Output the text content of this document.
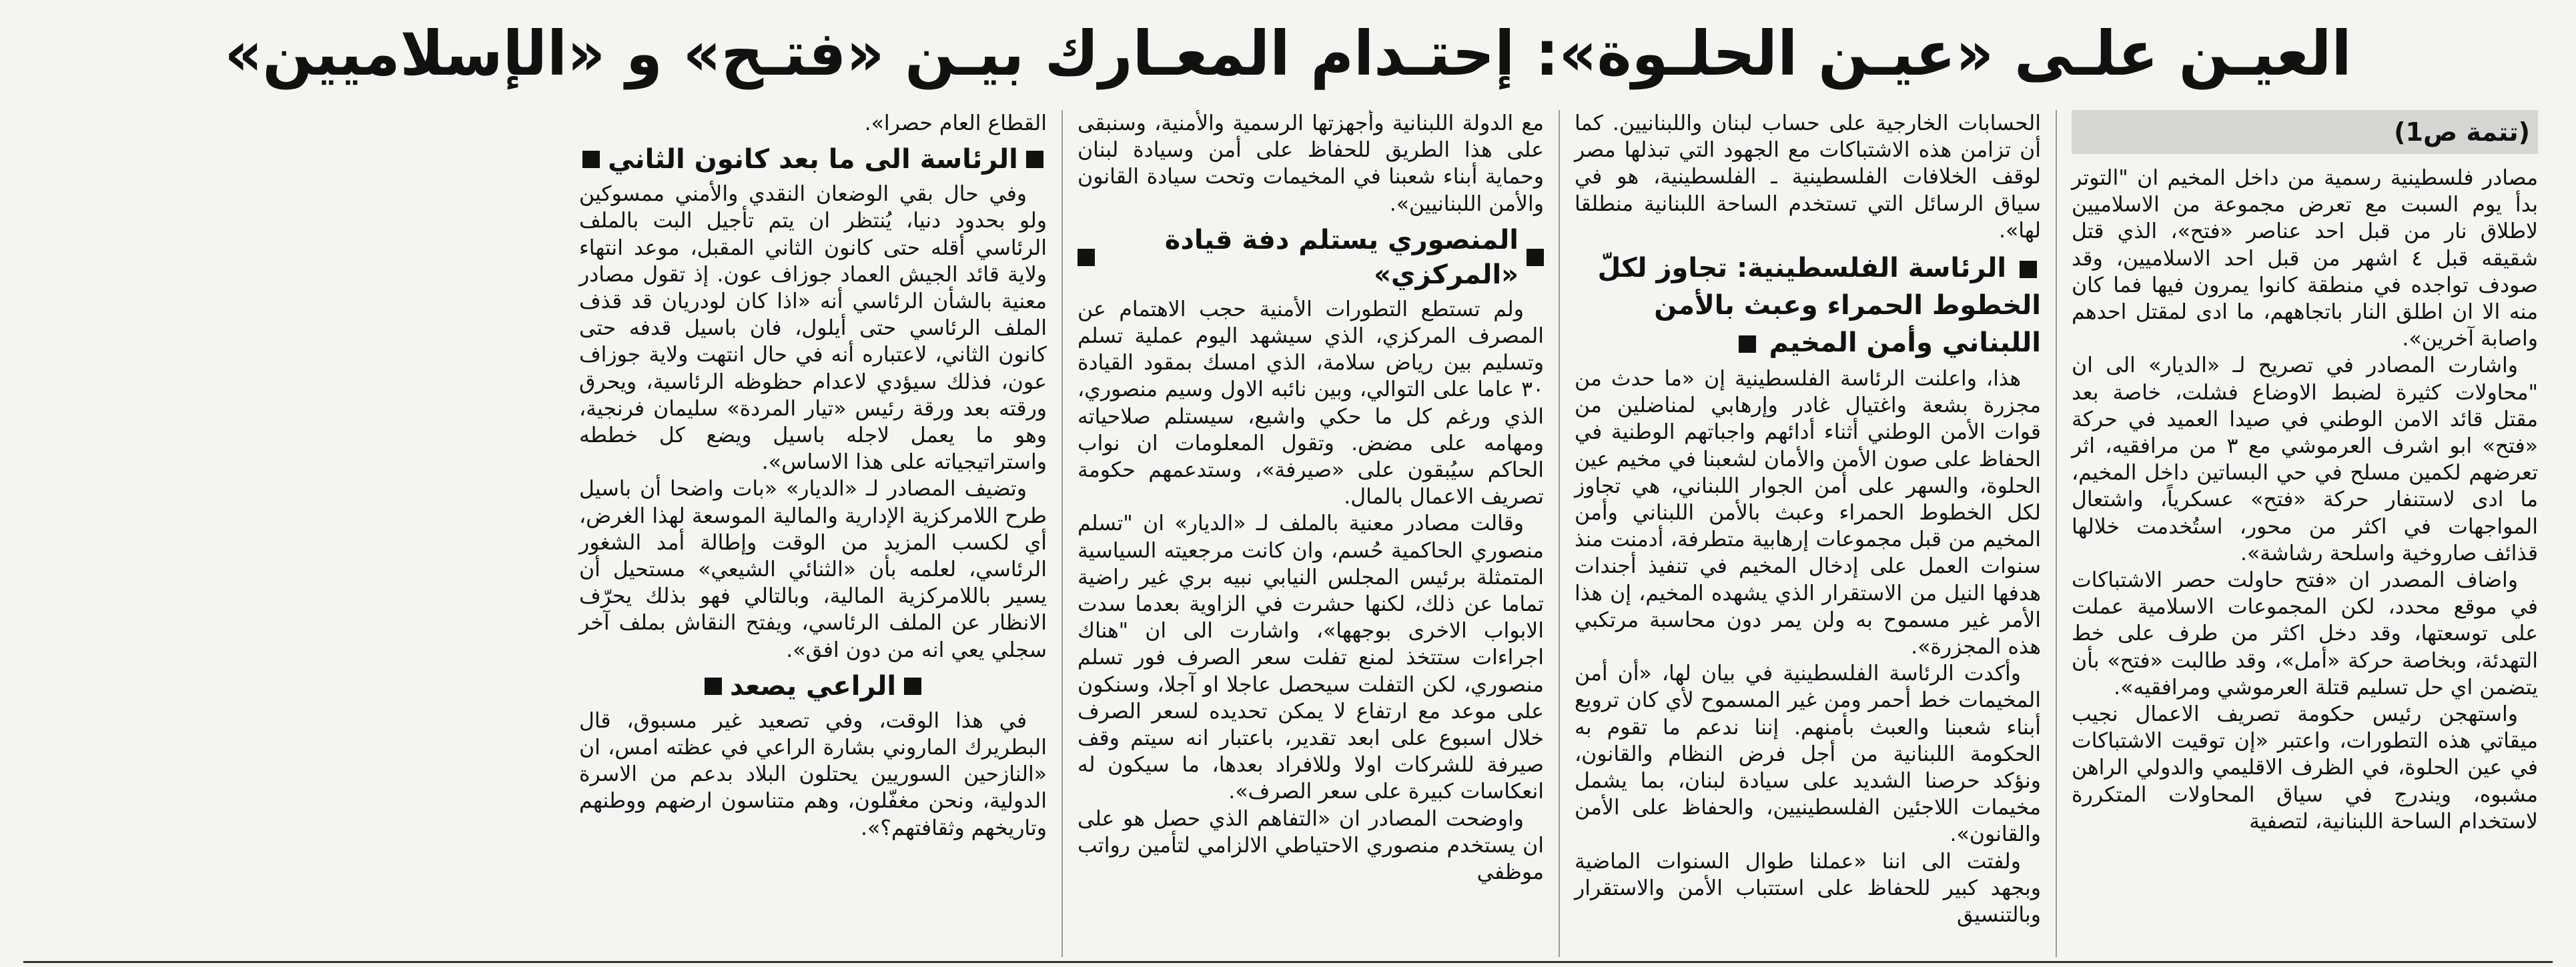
العيـن علـى «عيـن الحلـوة»: إحتـدام المعـارك بيـن «فتـح» و «الإسلاميين»
(تتمة ص1)

مصادر فلسطينية رسمية من داخل المخيم ان "التوتر بدأ يوم السبت مع تعرض مجموعة من الاسلاميين لاطلاق نار من قبل احد عناصر «فتح»، الذي قتل شقيقه قبل ٤ اشهر من قبل احد الاسلاميين، وقد صودف تواجده في منطقة كانوا يمرون فيها فما كان منه الا ان اطلق النار باتجاههم، ما ادى لمقتل احدهم واصابة آخرين».

واشارت المصادر في تصريح لـ «الديار» الى ان "محاولات كثيرة لضبط الاوضاع فشلت، خاصة بعد مقتل قائد الامن الوطني في صيدا العميد في حركة «فتح» ابو اشرف العرموشي مع ٣ من مرافقيه، اثر تعرضهم لكمين مسلح في حي البساتين داخل المخيم، ما ادى لاستنفار حركة «فتح» عسكرياً، واشتعال المواجهات في اكثر من محور، استُخدمت خلالها قذائف صاروخية واسلحة رشاشة».

واضاف المصدر ان «فتح حاولت حصر الاشتباكات في موقع محدد، لكن المجموعات الاسلامية عملت على توسعتها، وقد دخل اكثر من طرف على خط التهدئة، وبخاصة حركة «أمل»، وقد طالبت «فتح» بأن يتضمن اي حل تسليم قتلة العرموشي ومرافقيه».

واستهجن رئيس حكومة تصريف الاعمال نجيب ميقاتي هذه التطورات، واعتبر «إن توقيت الاشتباكات في عين الحلوة، في الظرف الاقليمي والدولي الراهن مشبوه، ويندرج في سياق المحاولات المتكررة لاستخدام الساحة اللبنانية، لتصفية

الحسابات الخارجية على حساب لبنان واللبنانيين. كما أن تزامن هذه الاشتباكات مع الجهود التي تبذلها مصر لوقف الخلافات الفلسطينية ـ الفلسطينية، هو في سياق الرسائل التي تستخدم الساحة اللبنانية منطلقا لها».

الرئاسة الفلسطينية: تجاوز لكلّ الخطوط الحمراء وعبث بالأمن اللبناني وأمن المخيم

هذا، واعلنت الرئاسة الفلسطينية إن «ما حدث من مجزرة بشعة واغتيال غادر وإرهابي لمناضلين من قوات الأمن الوطني أثناء أدائهم واجباتهم الوطنية في الحفاظ على صون الأمن والأمان لشعبنا في مخيم عين الحلوة، والسهر على أمن الجوار اللبناني، هي تجاوز لكل الخطوط الحمراء وعبث بالأمن اللبناني وأمن المخيم من قبل مجموعات إرهابية متطرفة، أدمنت منذ سنوات العمل على إدخال المخيم في تنفيذ أجندات هدفها النيل من الاستقرار الذي يشهده المخيم، إن هذا الأمر غير مسموح به ولن يمر دون محاسبة مرتكبي هذه المجزرة».

وأكدت الرئاسة الفلسطينية في بيان لها، «أن أمن المخيمات خط أحمر ومن غير المسموح لأي كان ترويع أبناء شعبنا والعبث بأمنهم. إننا ندعم ما تقوم به الحكومة اللبنانية من أجل فرض النظام والقانون، ونؤكد حرصنا الشديد على سيادة لبنان، بما يشمل مخيمات اللاجئين الفلسطينيين، والحفاظ على الأمن والقانون».

ولفتت الى اننا «عملنا طوال السنوات الماضية وبجهد كبير للحفاظ على استتباب الأمن والاستقرار وبالتنسيق

مع الدولة اللبنانية وأجهزتها الرسمية والأمنية، وسنبقى على هذا الطريق للحفاظ على أمن وسيادة لبنان وحماية أبناء شعبنا في المخيمات وتحت سيادة القانون والأمن اللبنانيين».

المنصوري يستلم دفة قيادة «المركزي»

ولم تستطع التطورات الأمنية حجب الاهتمام عن المصرف المركزي، الذي سيشهد اليوم عملية تسلم وتسليم بين رياض سلامة، الذي امسك بمقود القيادة ٣٠ عاما على التوالي، وبين نائبه الاول وسيم منصوري، الذي ورغم كل ما حكي واشيع، سيستلم صلاحياته ومهامه على مضض. وتقول المعلومات ان نواب الحاكم سيُبقون على «صيرفة»، وستدعمهم حكومة تصريف الاعمال بالمال.

وقالت مصادر معنية بالملف لـ «الديار» ان "تسلم منصوري الحاكمية حُسم، وان كانت مرجعيته السياسية المتمثلة برئيس المجلس النيابي نبيه بري غير راضية تماما عن ذلك، لكنها حشرت في الزاوية بعدما سدت الابواب الاخرى بوجهها»، واشارت الى ان "هناك اجراءات ستتخذ لمنع تفلت سعر الصرف فور تسلم منصوري، لكن التفلت سيحصل عاجلا او آجلا، وسنكون على موعد مع ارتفاع لا يمكن تحديده لسعر الصرف خلال اسبوع على ابعد تقدير، باعتبار انه سيتم وقف صيرفة للشركات اولا وللافراد بعدها، ما سيكون له انعكاسات كبيرة على سعر الصرف».

واوضحت المصادر ان «التفاهم الذي حصل هو على ان يستخدم منصوري الاحتياطي الالزامي لتأمين رواتب موظفي

القطاع العام حصرا».

الرئاسة الى ما بعد كانون الثاني

وفي حال بقي الوضعان النقدي والأمني ممسوكين ولو بحدود دنيا، يُنتظر ان يتم تأجيل البت بالملف الرئاسي أقله حتى كانون الثاني المقبل، موعد انتهاء ولاية قائد الجيش العماد جوزاف عون. إذ تقول مصادر معنية بالشأن الرئاسي أنه «اذا كان لودريان قد قذف الملف الرئاسي حتى أيلول، فان باسيل قدفه حتى كانون الثاني، لاعتباره أنه في حال انتهت ولاية جوزاف عون، فذلك سيؤدي لاعدام حظوظه الرئاسية، ويحرق ورقته بعد ورقة رئيس «تيار المردة» سليمان فرنجية، وهو ما يعمل لاجله باسيل ويضع كل خططه واستراتيجياته على هذا الاساس».

وتضيف المصادر لـ «الديار» «بات واضحا أن باسيل طرح اللامركزية الإدارية والمالية الموسعة لهذا الغرض، أي لكسب المزيد من الوقت وإطالة أمد الشغور الرئاسي، لعلمه بأن «الثنائي الشيعي» مستحيل أن يسير باللامركزية المالية، وبالتالي فهو بذلك يحرّف الانظار عن الملف الرئاسي، ويفتح النقاش بملف آخر سجلي يعي انه من دون افق».

الراعي يصعد

في هذا الوقت، وفي تصعيد غير مسبوق، قال البطريرك الماروني بشارة الراعي في عظته امس، ان «النازحين السوريين يحتلون البلاد بدعم من الاسرة الدولية، ونحن مغفّلون، وهم متناسون ارضهم ووطنهم وتاريخهم وثقافتهم؟».
